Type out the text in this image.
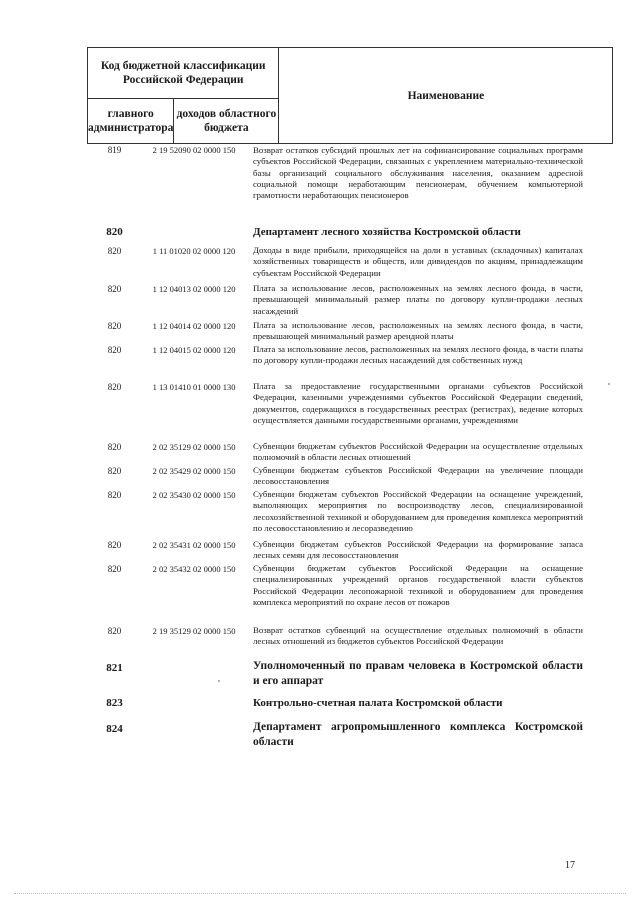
Код бюджетной классификации Российской Федерации		Наименование
главного администратора	доходов областного бюджета	
819	2 19 52090 02 0000 150	Возврат остатков субсидий прошлых лет на софинансирование социальных программ субъектов Российской Федерации, связанных с укреплением материально-технической базы организаций социального обслуживания населения, оказанием адресной социальной помощи неработающим пенсионерам, обучением компьютерной грамотности неработающих пенсионеров
820	Департамент лесного хозяйства Костромской области
820	1 11 01020 02 0000 120	Доходы в виде прибыли, приходящейся на доли в уставных (складочных) капиталах хозяйственных товариществ и обществ, или дивидендов по акциям, принадлежащим субъектам Российской Федерации
820	1 12 04013 02 0000 120	Плата за использование лесов, расположенных на землях лесного фонда, в части, превышающей минимальный размер платы по договору купли-продажи лесных насаждений
820	1 12 04014 02 0000 120	Плата за использование лесов, расположенных на землях лесного фонда, в части, превышающей минимальный размер арендной платы
820	1 12 04015 02 0000 120	Плата за использование лесов, расположенных на землях лесного фонда, в части платы по договору купли-продажи лесных насаждений для собственных нужд
820	1 13 01410 01 0000 130	Плата за предоставление государственными органами субъектов Российской Федерации, казенными учреждениями субъектов Российской Федерации сведений, документов, содержащихся в государственных реестрах (регистрах), ведение которых осуществляется данными государственными органами, учреждениями
820	2 02 35129 02 0000 150	Субвенции бюджетам субъектов Российской Федерации на осуществление отдельных полномочий в области лесных отношений
820	2 02 35429 02 0000 150	Субвенции бюджетам субъектов Российской Федерации на увеличение площади лесовосстановления
820	2 02 35430 02 0000 150	Субвенции бюджетам субъектов Российской Федерации на оснащение учреждений, выполняющих мероприятия по воспроизводству лесов, специализированной лесохозяйственной техникой и оборудованием для проведения комплекса мероприятий по лесовосстановлению и лесоразведению
820	2 02 35431 02 0000 150	Субвенции бюджетам субъектов Российской Федерации на формирование запаса лесных семян для лесовосстановления
820	2 02 35432 02 0000 150	Субвенции бюджетам субъектов Российской Федерации на оснащение специализированных учреждений органов государственной власти субъектов Российской Федерации лесопожарной техникой и оборудованием для проведения комплекса мероприятий по охране лесов от пожаров
820	2 19 35129 02 0000 150	Возврат остатков субвенций на осуществление отдельных полномочий в области лесных отношений из бюджетов субъектов Российской Федерации
821	Уполномоченный по правам человека в Костромской области и его аппарат
823	Контрольно-счетная палата Костромской области
824	Департамент агропромышленного комплекса Костромской области
17
